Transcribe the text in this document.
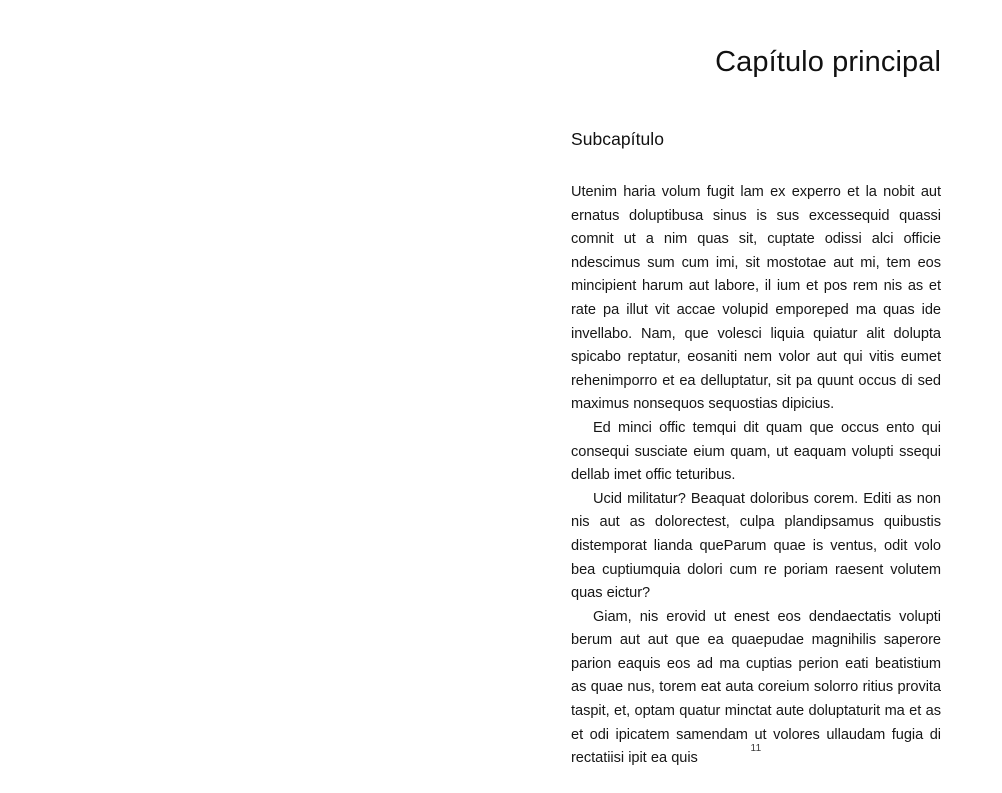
Capítulo principal
Subcapítulo

Utenim haria volum fugit lam ex experro et la nobit aut ernatus doluptibusa sinus is sus excessequid quassi comnit ut a nim quas sit, cuptate odissi alci officie ndescimus sum cum imi, sit mostotae aut mi, tem eos mincipient harum aut labore, il ium et pos rem nis as et rate pa illut vit accae volupid emporeped ma quas ide invellabo. Nam, que volesci liquia quiatur alit dolupta spicabo reptatur, eosaniti nem volor aut qui vitis eumet rehenimporro et ea delluptatur, sit pa quunt occus di sed maximus nonsequos sequostias dipicius.

Ed minci offic temqui dit quam que occus ento qui consequi susciate eium quam, ut eaquam volupti ssequi dellab imet offic teturibus.

Ucid militatur? Beaquat doloribus corem. Editi as non nis aut as dolorectest, culpa plandipsamus quibustis distemporat lianda queParum quae is ventus, odit volo bea cuptiumquia dolori cum re poriam raesent volutem quas eictur?

Giam, nis erovid ut enest eos dendaectatis volupti berum aut aut que ea quaepudae magnihilis saperore parion eaquis eos ad ma cuptias perion eati beatistium as quae nus, torem eat auta coreium solorro ritius provita taspit, et, optam quatur minctat aute doluptaturit ma et as et odi ipicatem samendam ut volores ullaudam fugia di rectatiisi ipit ea quis

11
